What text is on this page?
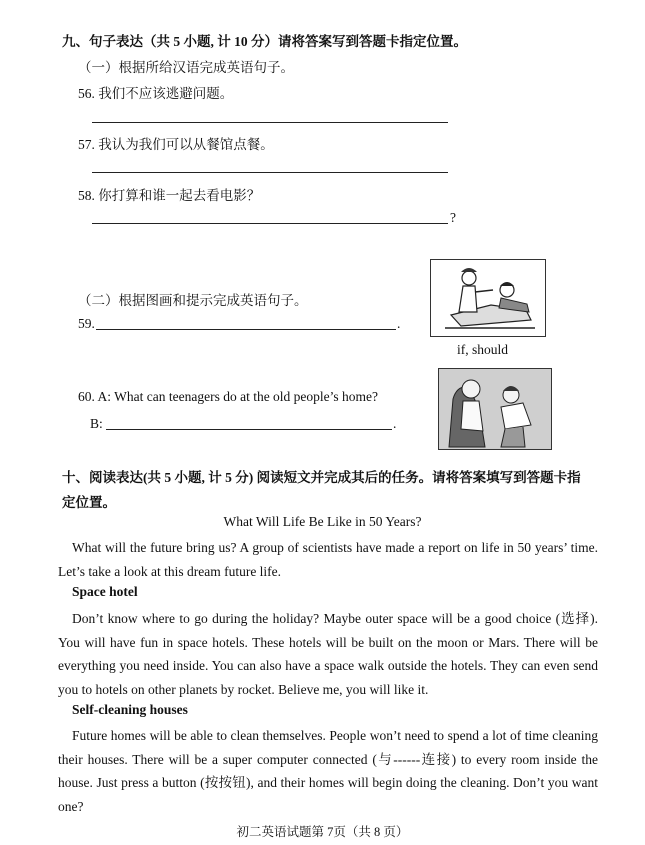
九、句子表达（共 5 小题, 计 10 分）请将答案写到答题卡指定位置。
（一）根据所给汉语完成英语句子。
56. 我们不应该逃避问题。
57. 我认为我们可以从餐馆点餐。
58. 你打算和谁一起去看电影？
?
（二）根据图画和提示完成英语句子。
59.	.
if, should
60. A: What can teenagers do at the old people’s home?
B:	.
十、阅读表达(共 5 小题, 计 5 分) 阅读短文并完成其后的任务。请将答案填写到答题卡指
定位置。
What Will Life Be Like in 50 Years?
What will the future bring us? A group of scientists have made a report on life in 50 years’ time. Let’s take a look at this dream future life.
Space hotel
Don’t know where to go during the holiday? Maybe outer space will be a good choice (选择). You will have fun in space hotels. These hotels will be built on the moon or Mars. There will be everything you need inside. You can also have a space walk outside the hotels. They can even send you to hotels on other planets by rocket. Believe me, you will like it.
Self-cleaning houses
Future homes will be able to clean themselves. People won’t need to spend a lot of time cleaning their houses. There will be a super computer connected (与------连接) to every room inside the house. Just press a button (按按钮), and their homes will begin doing the cleaning. Don’t you want one?
初二英语试题第 7页（共 8 页）
